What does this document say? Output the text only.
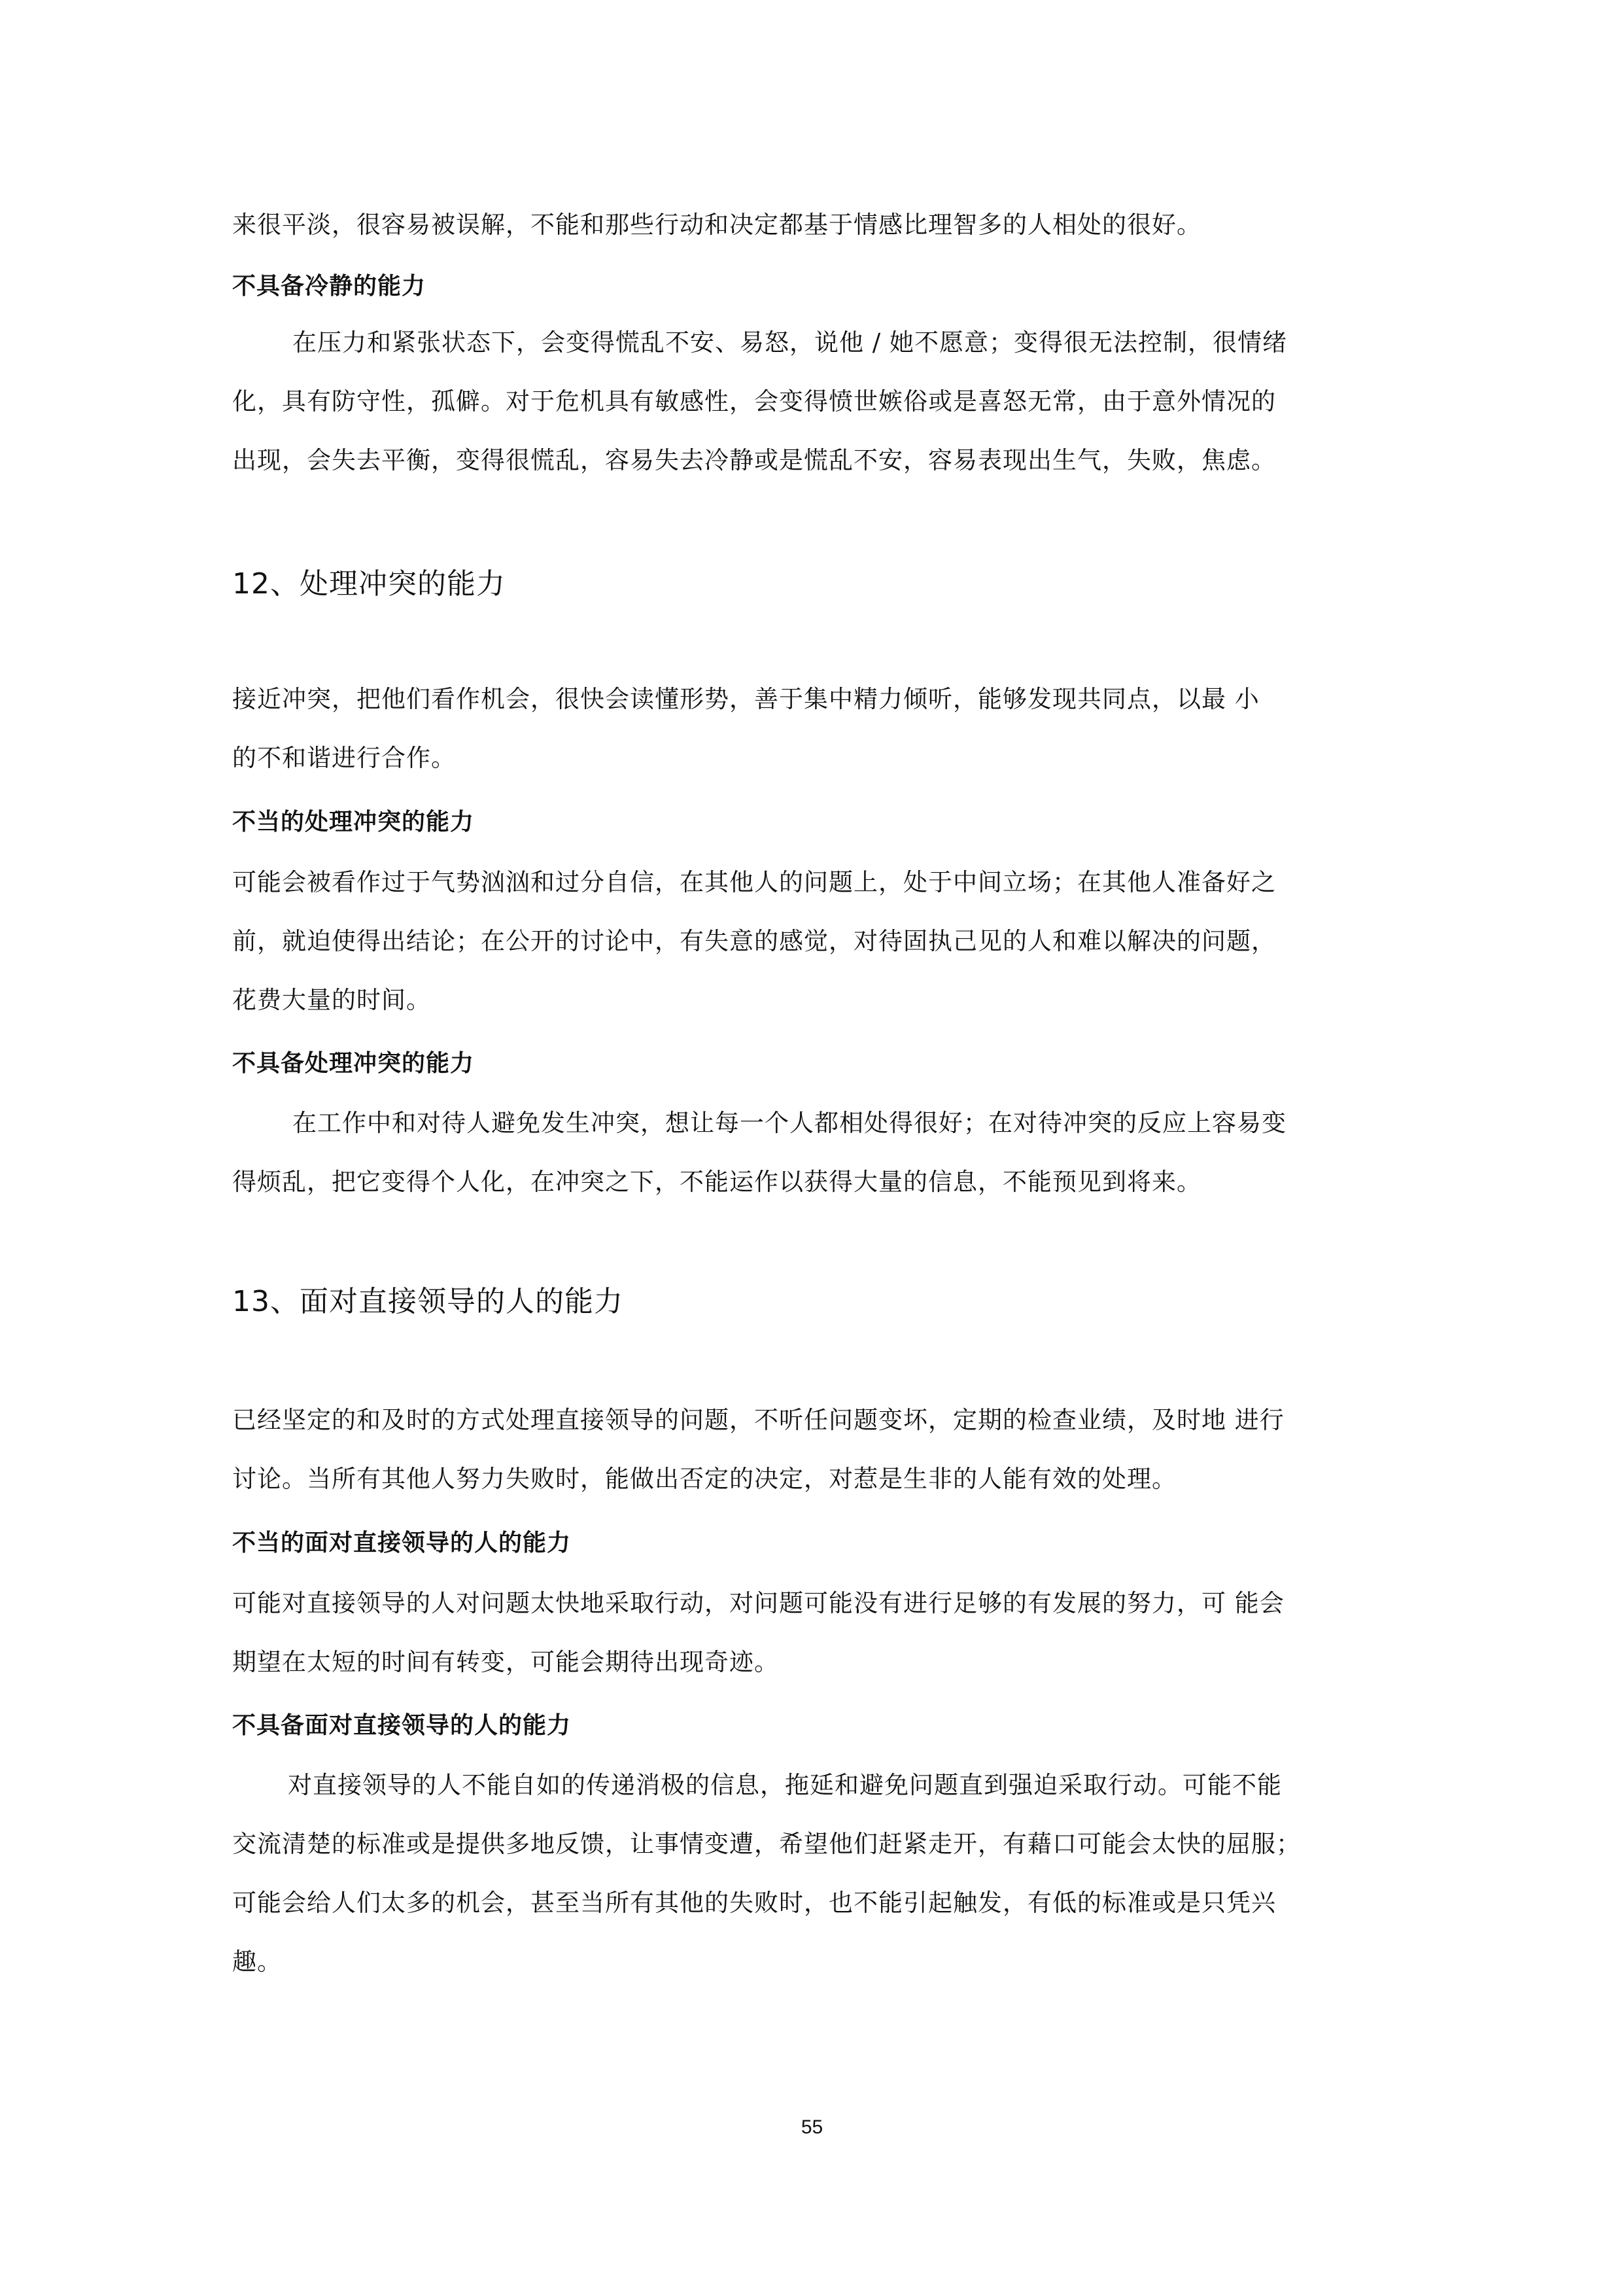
来很平淡，很容易被误解，不能和那些行动和决定都基于情感比理智多的人相处的很好。
不具备冷静的能力
在压力和紧张状态下，会变得慌乱不安、易怒，说他 / 她不愿意；变得很无法控制，很情绪
化，具有防守性，孤僻。对于危机具有敏感性，会变得愤世嫉俗或是喜怒无常，由于意外情况的
出现，会失去平衡，变得很慌乱，容易失去冷静或是慌乱不安，容易表现出生气，失败，焦虑。
12、处理冲突的能力
接近冲突，把他们看作机会，很快会读懂形势，善于集中精力倾听，能够发现共同点，以最 小
的不和谐进行合作。
不当的处理冲突的能力
可能会被看作过于气势汹汹和过分自信，在其他人的问题上，处于中间立场；在其他人准备好之
前，就迫使得出结论；在公开的讨论中，有失意的感觉，对待固执己见的人和难以解决的问题，
花费大量的时间。
不具备处理冲突的能力
在工作中和对待人避免发生冲突，想让每一个人都相处得很好；在对待冲突的反应上容易变
得烦乱，把它变得个人化，在冲突之下，不能运作以获得大量的信息，不能预见到将来。
13、面对直接领导的人的能力
已经坚定的和及时的方式处理直接领导的问题，不听任问题变坏，定期的检查业绩，及时地 进行
讨论。当所有其他人努力失败时，能做出否定的决定，对惹是生非的人能有效的处理。
不当的面对直接领导的人的能力
可能对直接领导的人对问题太快地采取行动，对问题可能没有进行足够的有发展的努力，可 能会
期望在太短的时间有转变，可能会期待出现奇迹。
不具备面对直接领导的人的能力
对直接领导的人不能自如的传递消极的信息，拖延和避免问题直到强迫采取行动。可能不能
交流清楚的标准或是提供多地反馈，让事情变遭，希望他们赶紧走开，有藉口可能会太快的屈服；
可能会给人们太多的机会，甚至当所有其他的失败时，也不能引起触发，有低的标准或是只凭兴
趣。
55
